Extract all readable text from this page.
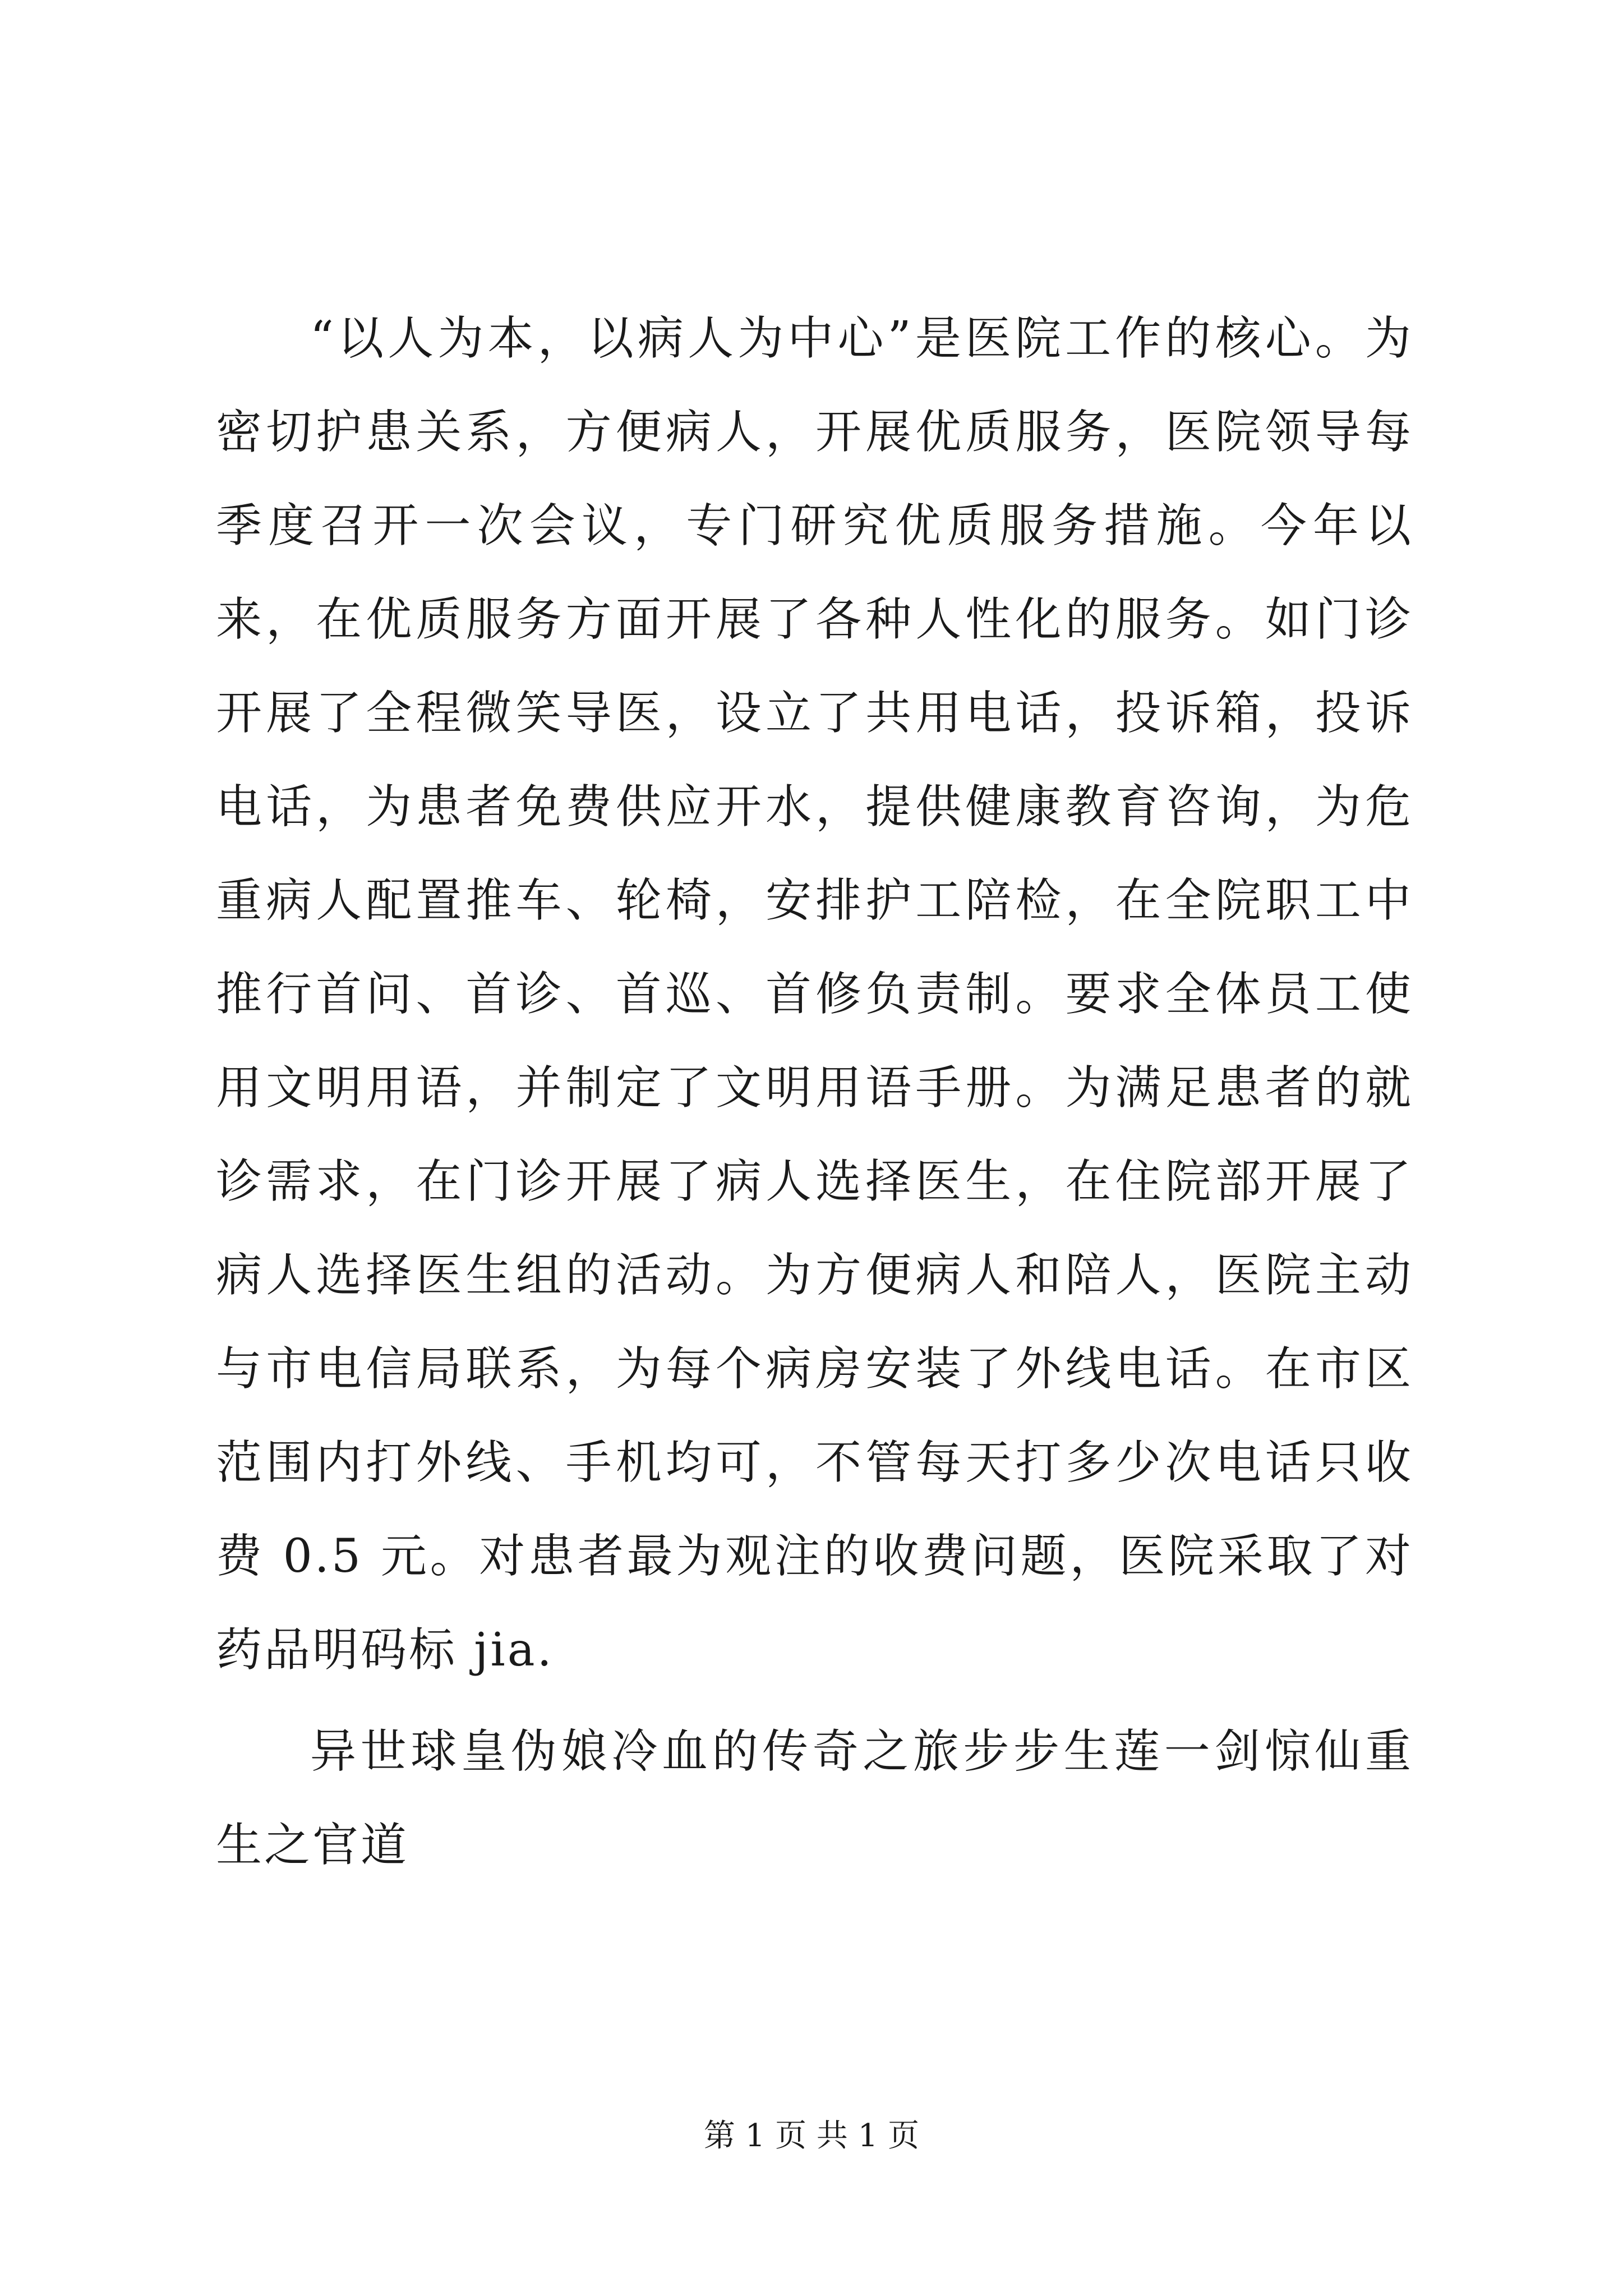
“以人为本，以病人为中心”是医院工作的核心。为密切护患关系，方便病人，开展优质服务，医院领导每季度召开一次会议，专门研究优质服务措施。今年以来，在优质服务方面开展了各种人性化的服务。如门诊开展了全程微笑导医，设立了共用电话，投诉箱，投诉电话，为患者免费供应开水，提供健康教育咨询，为危重病人配置推车、轮椅，安排护工陪检，在全院职工中推行首问、首诊、首巡、首修负责制。要求全体员工使用文明用语，并制定了文明用语手册。为满足患者的就诊需求，在门诊开展了病人选择医生，在住院部开展了病人选择医生组的活动。为方便病人和陪人，医院主动与市电信局联系，为每个病房安装了外线电话。在市区范围内打外线、手机均可，不管每天打多少次电话只收费 0.5 元。对患者最为观注的收费问题，医院采取了对药品明码标 jia.

异世球皇伪娘冷血的传奇之旅步步生莲一剑惊仙重生之官道

第 1 页 共 1 页
